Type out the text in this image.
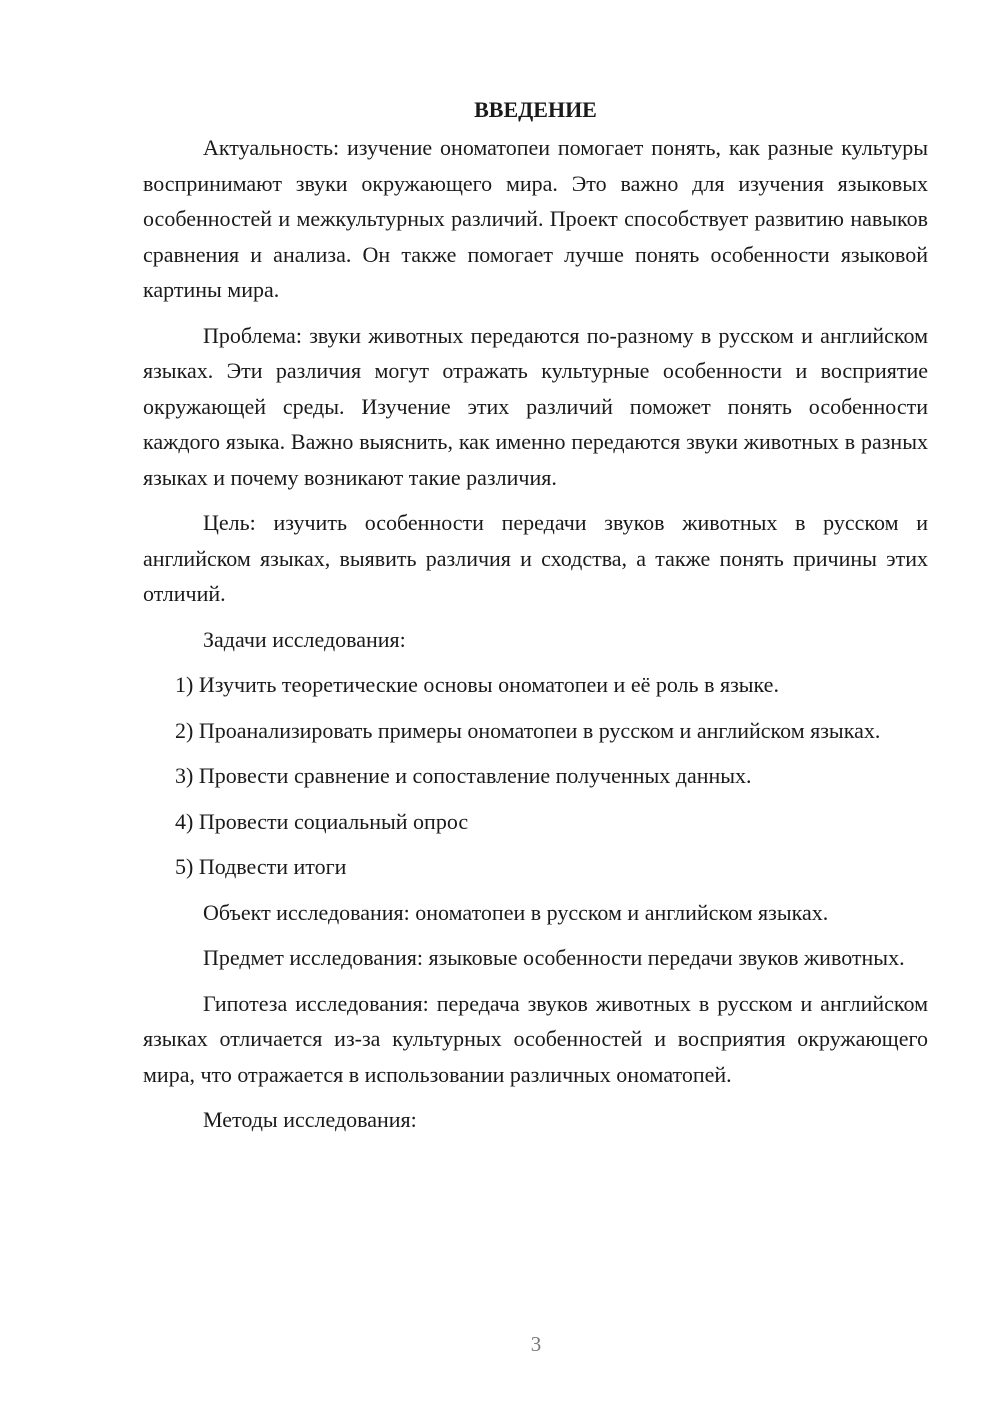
ВВЕДЕНИЕ

Актуальность: изучение ономатопеи помогает понять, как разные культуры воспринимают звуки окружающего мира. Это важно для изучения языковых особенностей и межкультурных различий. Проект способствует развитию навыков сравнения и анализа. Он также помогает лучше понять особенности языковой картины мира.

Проблема: звуки животных передаются по-разному в русском и английском языках. Эти различия могут отражать культурные особенности и восприятие окружающей среды. Изучение этих различий поможет понять особенности каждого языка. Важно выяснить, как именно передаются звуки животных в разных языках и почему возникают такие различия.

Цель: изучить особенности передачи звуков животных в русском и английском языках, выявить различия и сходства, а также понять причины этих отличий.

Задачи исследования:

1) Изучить теоретические основы ономатопеи и её роль в языке.

2) Проанализировать примеры ономатопеи в русском и английском языках.

3) Провести сравнение и сопоставление полученных данных.

4) Провести социальный опрос

5) Подвести итоги

Объект исследования: ономатопеи в русском и английском языках.

Предмет исследования: языковые особенности передачи звуков животных.

Гипотеза исследования: передача звуков животных в русском и английском языках отличается из-за культурных особенностей и восприятия окружающего мира, что отражается в использовании различных ономатопей.

Методы исследования:

3
